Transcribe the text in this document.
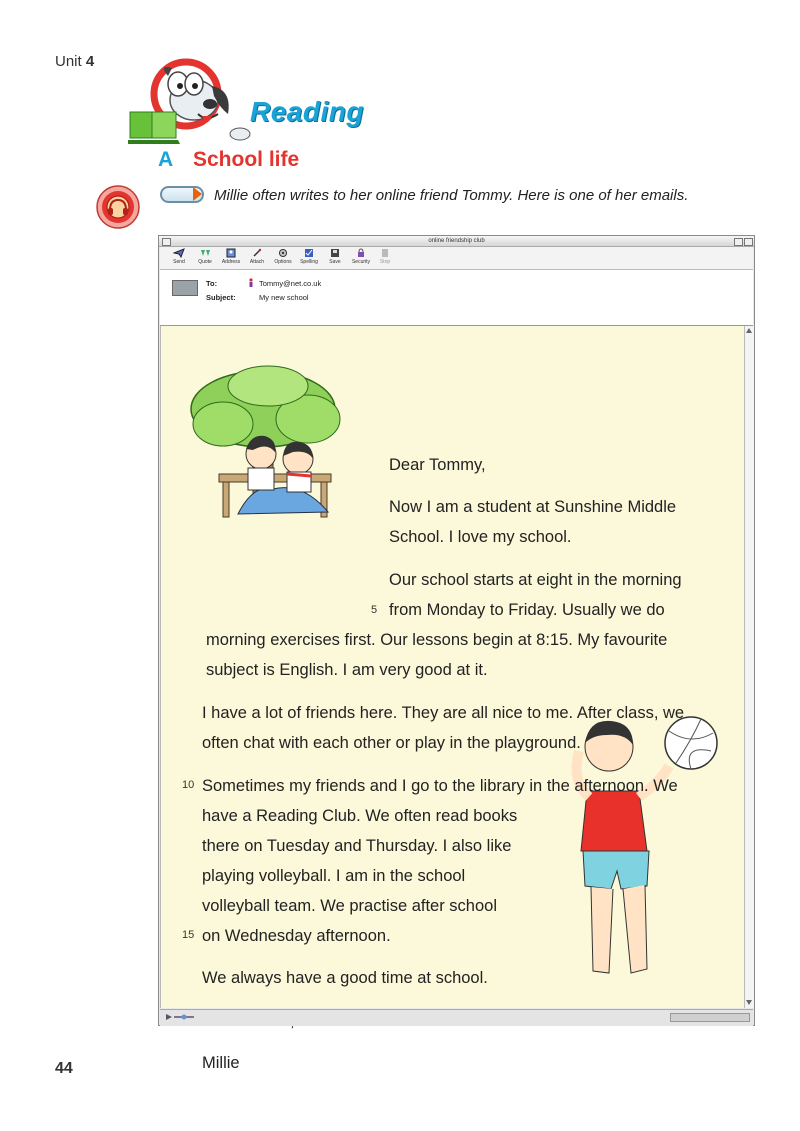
Unit 4
Reading
A School life
Millie often writes to her online friend Tommy. Here is one of her emails.
online friendship club
Send	Quote	Address	Attach	Options	Spelling	Save	Security	Stop
To:	Tommy@net.co.uk
Subject:	My new school
Dear Tommy,
Now I am a student at Sunshine Middle
School. I love my school.
Our school starts at eight in the morning
5 from Monday to Friday. Usually we do
morning exercises first. Our lessons begin at 8:15. My favourite
subject is English. I am very good at it.
I have a lot of friends here. They are all nice to me. After class, we
often chat with each other or play in the playground.
10 Sometimes my friends and I go to the library in the afternoon. We
have a Reading Club. We often read books
there on Tuesday and Thursday. I also like
playing volleyball. I am in the school
volleyball team. We practise after school
15 on Wednesday afternoon.
We always have a good time at school.
Millie
44
